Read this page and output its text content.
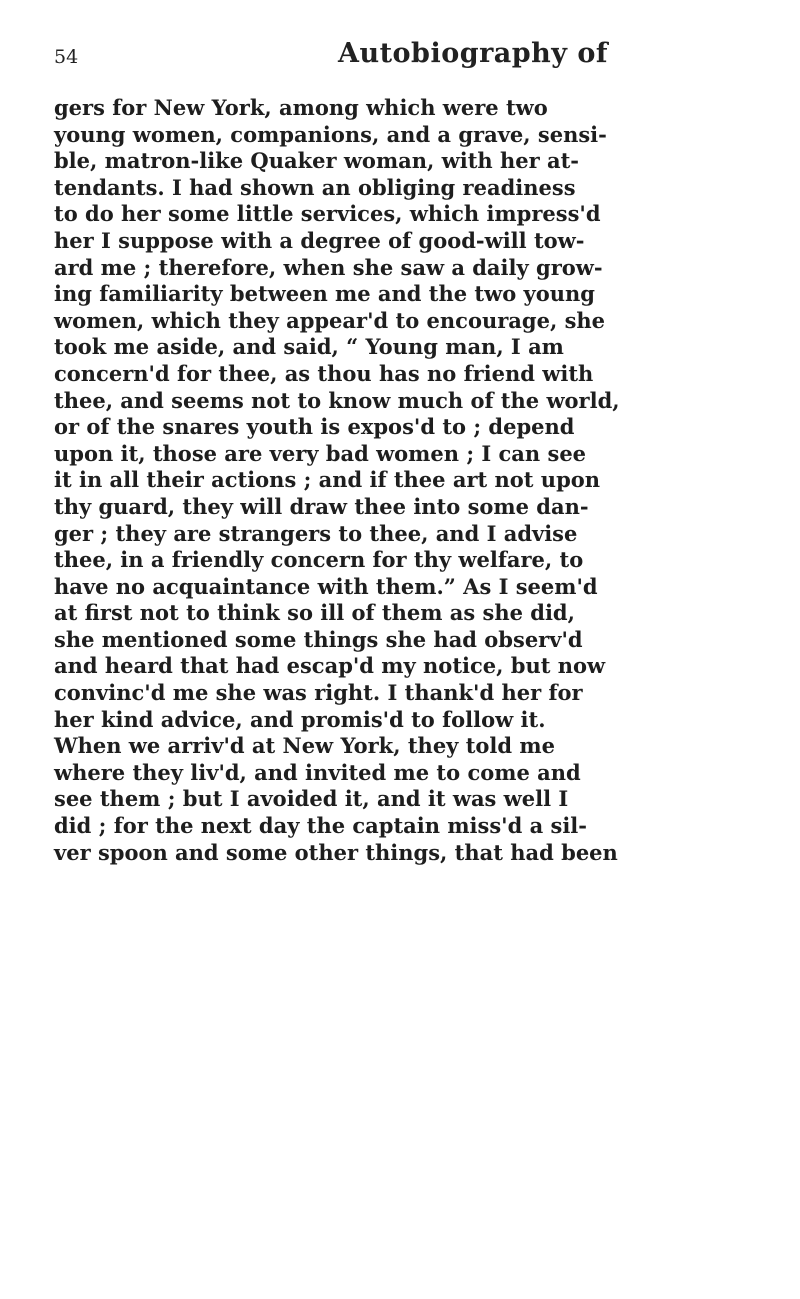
54	Autobiography of
gers for New York, among which were two
young women, companions, and a grave, sensi-
ble, matron-like Quaker woman, with her at-
tendants. I had shown an obliging readiness
to do her some little services, which impress'd
her I suppose with a degree of good-will tow-
ard me ; therefore, when she saw a daily grow-
ing familiarity between me and the two young
women, which they appear'd to encourage, she
took me aside, and said, “ Young man, I am
concern'd for thee, as thou has no friend with
thee, and seems not to know much of the world,
or of the snares youth is expos'd to ; depend
upon it, those are very bad women ; I can see
it in all their actions ; and if thee art not upon
thy guard, they will draw thee into some dan-
ger ; they are strangers to thee, and I advise
thee, in a friendly concern for thy welfare, to
have no acquaintance with them.” As I seem'd
at first not to think so ill of them as she did,
she mentioned some things she had observ'd
and heard that had escap'd my notice, but now
convinc'd me she was right. I thank'd her for
her kind advice, and promis'd to follow it.
When we arriv'd at New York, they told me
where they liv'd, and invited me to come and
see them ; but I avoided it, and it was well I
did ; for the next day the captain miss'd a sil-
ver spoon and some other things, that had been
